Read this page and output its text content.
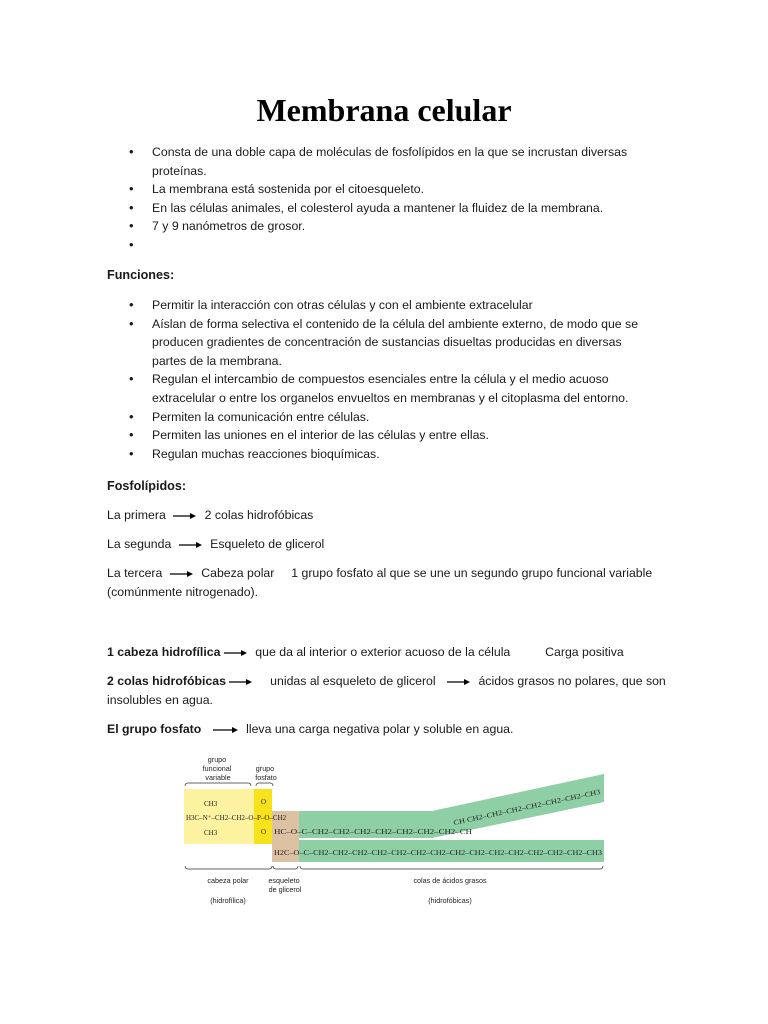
Membrana celular
• Consta de una doble capa de moléculas de fosfolípidos en la que se incrustan diversas proteínas.
• La membrana está sostenida por el citoesqueleto.
• En las células animales, el colesterol ayuda a mantener la fluidez de la membrana.
• 7 y 9 nanómetros de grosor.
•

Funciones:

• Permitir la interacción con otras células y con el ambiente extracelular
• Aíslan de forma selectiva el contenido de la célula del ambiente externo, de modo que se producen gradientes de concentración de sustancias disueltas producidas en diversas partes de la membrana.
• Regulan el intercambio de compuestos esenciales entre la célula y el medio acuoso extracelular o entre los organelos envueltos en membranas y el citoplasma del entorno.
• Permiten la comunicación entre células.
• Permiten las uniones en el interior de las células y entre ellas.
• Regulan muchas reacciones bioquímicas.

Fosfolípidos:

La primera	2 colas hidrofóbicas
La segunda	Esqueleto de glicerol
La tercera	Cabeza polar 1 grupo fosfato al que se une un segundo grupo funcional variable
(comúnmente nitrogenado).
1 cabeza hidrofílica	que da al interior o exterior acuoso de la célula	Carga positiva
2 colas hidrofóbicas	unidas al esqueleto de glicerol	ácidos grasos no polares, que son
insolubles en agua.
El grupo fosfato	lleva una carga negativa polar y soluble en agua.
grupo funcional variable
grupo fosfato
CH3
H3C–N⁺–CH2–CH2–O–P–O–CH2
CH3
O
O HC–O–C–CH2–CH2–CH2–CH2–CH2–CH2–CH2–CH
H2C–O–C–CH2–CH2–CH2–CH2–CH2–CH2–CH2–CH2–CH2–CH2–CH2–CH2–CH2–CH2–CH3
CH CH2–CH2–CH2–CH2–CH2–CH2–CH3
cabeza polar
(hidrofílica)
esqueleto de glicerol
colas de ácidos grasos
(hidrofóbicas)
